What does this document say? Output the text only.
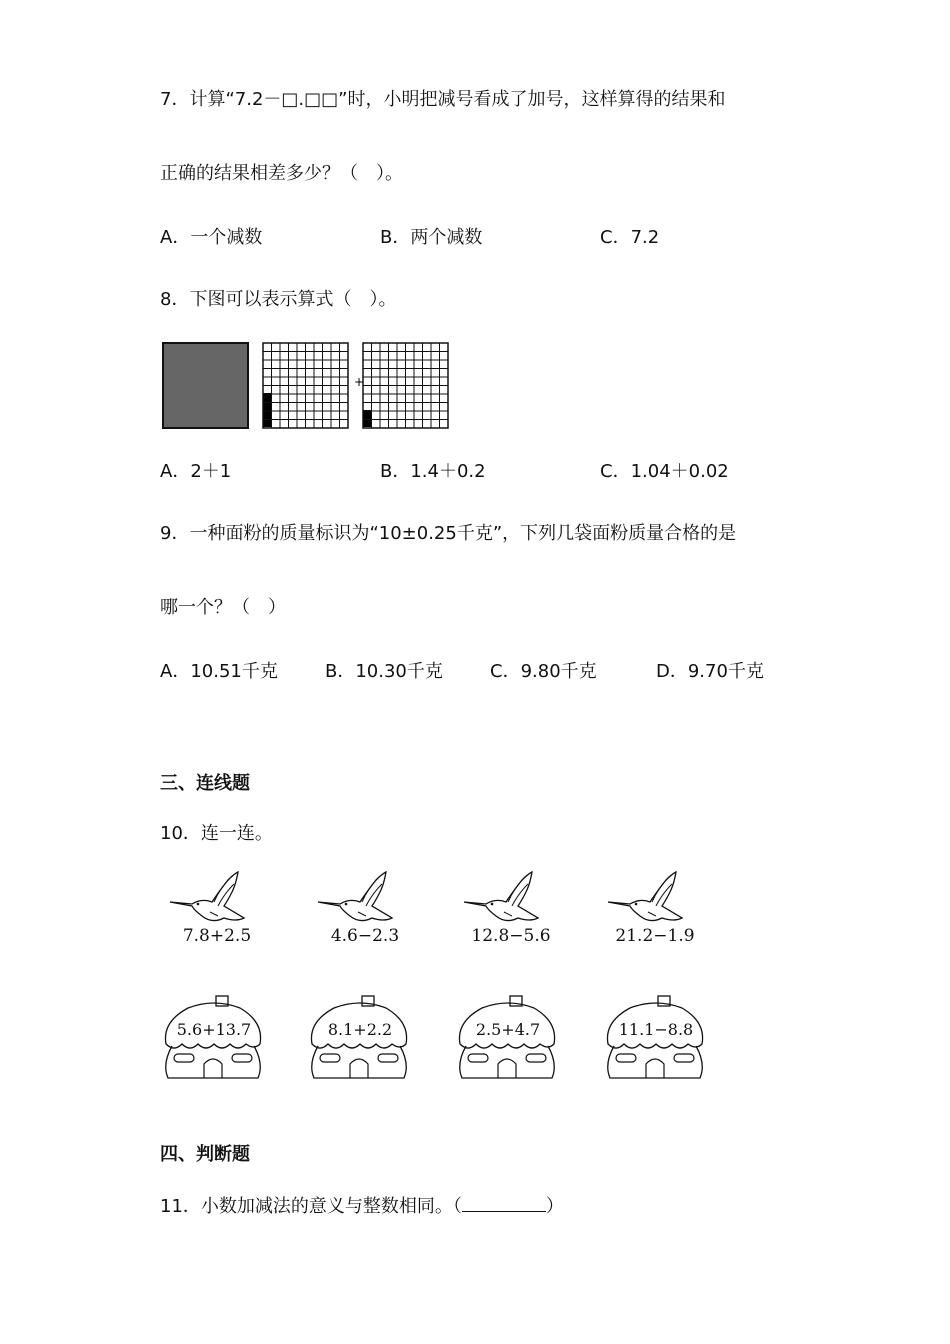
7．计算“7.2－□.□□”时，小明把减号看成了加号，这样算得的结果和
正确的结果相差多少？（　）。
A．一个减数	B．两个减数	C．7.2
8．下图可以表示算式（　）。
+
A．2＋1	B．1.4＋0.2	C．1.04＋0.02
9．一种面粉的质量标识为“10±0.25千克”，下列几袋面粉质量合格的是
哪一个？（　）
A．10.51千克	B．10.30千克	C．9.80千克	D．9.70千克
三、连线题
10．连一连。
7.8+2.5	4.6−2.3	12.8−5.6	21.2−1.9
5.6+13.7	8.1+2.2	2.5+4.7	11.1−8.8
四、判断题
11．小数加减法的意义与整数相同。（	）
